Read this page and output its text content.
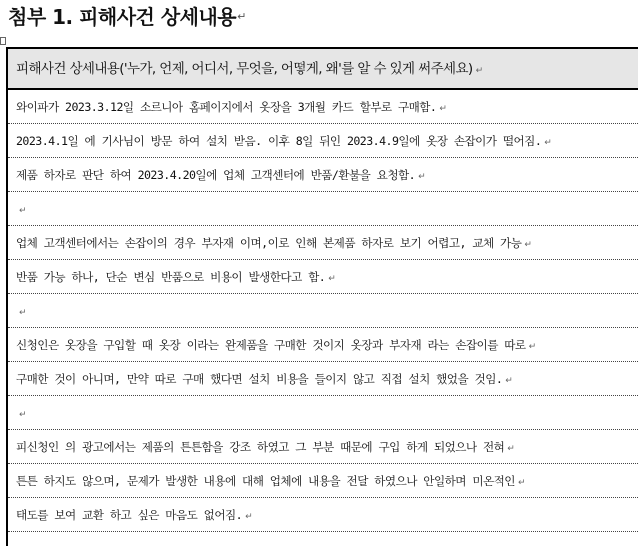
첨부 1. 피해사건 상세내용↵
피해사건 상세내용('누가, 언제, 어디서, 무엇을, 어떻게, 왜'를 알 수 있게 써주세요) ↵
와이파가 2023.3.12일 소르니아 홈페이지에서 옷장을 3개월 카드 할부로 구매함. ↵
2023.4.1일 에 기사님이 방문 하여 설치 받음. 이후 8일 뒤인 2023.4.9일에 옷장 손잡이가 떨어짐. ↵
제품 하자로 판단 하여 2023.4.20일에 업체 고객센터에 반품/환불을 요청함. ↵
↵
업체 고객센터에서는 손잡이의 경우 부자재 이며,이로 인해 본제품 하자로 보기 어렵고, 교체 가능 ↵
반품 가능 하나, 단순 변심 반품으로 비용이 발생한다고 함. ↵
↵
신청인은 옷장을 구입할 때 옷장 이라는 완제품을 구매한 것이지 옷장과 부자재 라는 손잡이를 따로 ↵
구매한 것이 아니며, 만약 따로 구매 했다면 설치 비용을 들이지 않고 직접 설치 했었을 것임. ↵
↵
피신청인 의 광고에서는 제품의 튼튼함을 강조 하였고 그 부분 때문에 구입 하게 되었으나 전혀 ↵
튼튼 하지도 않으며, 문제가 발생한 내용에 대해 업체에 내용을 전달 하였으나 안일하며 미온적인 ↵
태도를 보여 교환 하고 싶은 마음도 없어짐. ↵
